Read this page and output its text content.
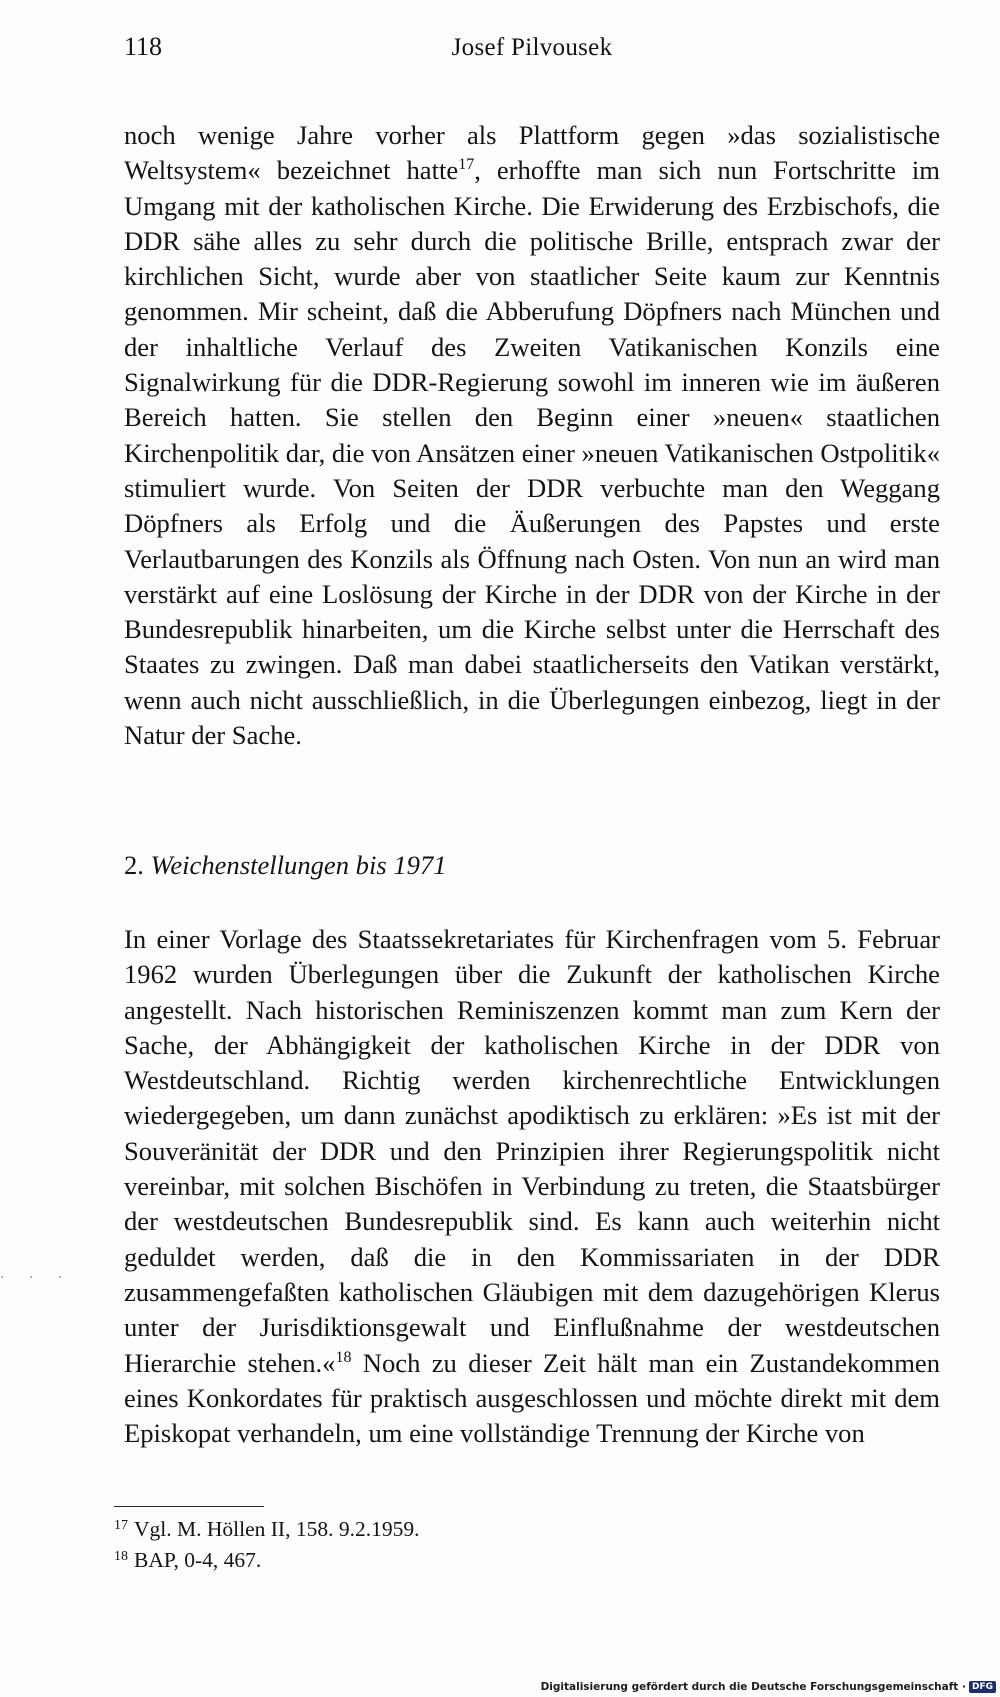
118	Josef Pilvousek

noch wenige Jahre vorher als Plattform gegen »das sozialistische Weltsystem« bezeichnet hatte$^{17}$, erhoffte man sich nun Fortschritte im Umgang mit der katholischen Kirche. Die Erwiderung des Erzbischofs, die DDR sähe alles zu sehr durch die politische Brille, entsprach zwar der kirchlichen Sicht, wurde aber von staatlicher Seite kaum zur Kenntnis genommen. Mir scheint, daß die Abberufung Döpfners nach München und der inhaltliche Verlauf des Zweiten Vatikanischen Konzils eine Signalwirkung für die DDR-Regierung sowohl im inneren wie im äußeren Bereich hatten. Sie stellen den Beginn einer »neuen« staatlichen Kirchenpolitik dar, die von Ansätzen einer »neuen Vatikanischen Ostpolitik« stimuliert wurde. Von Seiten der DDR verbuchte man den Weggang Döpfners als Erfolg und die Äußerungen des Papstes und erste Verlautbarungen des Konzils als Öffnung nach Osten. Von nun an wird man verstärkt auf eine Loslösung der Kirche in der DDR von der Kirche in der Bundesrepublik hinarbeiten, um die Kirche selbst unter die Herrschaft des Staates zu zwingen. Daß man dabei staatlicherseits den Vatikan verstärkt, wenn auch nicht ausschließlich, in die Überlegungen einbezog, liegt in der Natur der Sache.

2. Weichenstellungen bis 1971

In einer Vorlage des Staatssekretariates für Kirchenfragen vom 5. Februar 1962 wurden Überlegungen über die Zukunft der katholischen Kirche angestellt. Nach historischen Reminiszenzen kommt man zum Kern der Sache, der Abhängigkeit der katholischen Kirche in der DDR von Westdeutschland. Richtig werden kirchenrechtliche Entwicklungen wiedergegeben, um dann zunächst apodiktisch zu erklären: »Es ist mit der Souveränität der DDR und den Prinzipien ihrer Regierungspolitik nicht vereinbar, mit solchen Bischöfen in Verbindung zu treten, die Staatsbürger der westdeutschen Bundesrepublik sind. Es kann auch weiterhin nicht geduldet werden, daß die in den Kommissariaten in der DDR zusammengefaßten katholischen Gläubigen mit dem dazugehörigen Klerus unter der Jurisdiktionsgewalt und Einflußnahme der westdeutschen Hierarchie stehen.«$^{18}$ Noch zu dieser Zeit hält man ein Zustandekommen eines Konkordates für praktisch ausgeschlossen und möchte direkt mit dem Episkopat verhandeln, um eine vollständige Trennung der Kirche von

$^{17}$ Vgl. M. Höllen II, 158. 9.2.1959.
$^{18}$ BAP, 0-4, 467.
· · ·
Digitalisierung gefördert durch die Deutsche Forschungsgemeinschaft · DFG
